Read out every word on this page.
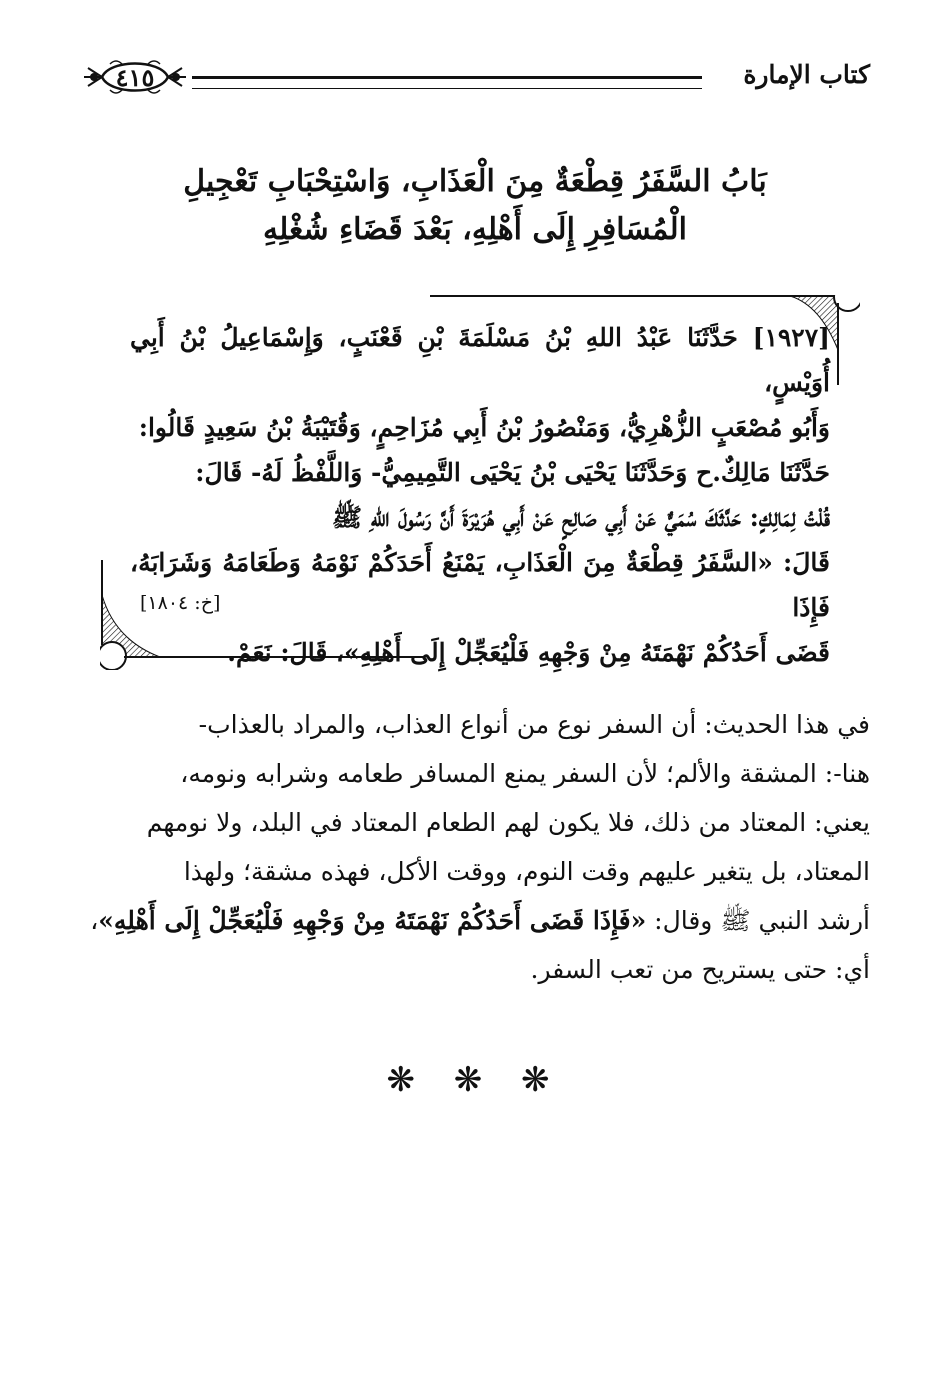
كتاب الإمارة
٤١٥
بَابُ السَّفَرُ قِطْعَةٌ مِنَ الْعَذَابِ، وَاسْتِحْبَابِ تَعْجِيلِ
الْمُسَافِرِ إِلَى أَهْلِهِ، بَعْدَ قَضَاءِ شُغْلِهِ

[١٩٢٧] حَدَّثَنَا عَبْدُ اللهِ بْنُ مَسْلَمَةَ بْنِ قَعْنَبٍ، وَإِسْمَاعِيلُ بْنُ أَبِي أُوَيْسٍ،

وَأَبُو مُصْعَبٍ الزُّهْرِيُّ، وَمَنْصُورُ بْنُ أَبِي مُزَاحِمٍ، وَقُتَيْبَةُ بْنُ سَعِيدٍ قَالُوا:

حَدَّثَنَا مَالِكٌ.ح وَحَدَّثَنَا يَحْيَى بْنُ يَحْيَى التَّمِيمِيُّ- وَاللَّفْظُ لَهُ- قَالَ:

قُلْتُ لِمَالِكٍ: حَدَّثَكَ سُمَيٌّ عَنْ أَبِي صَالِحٍ عَنْ أَبِي هُرَيْرَةَ أَنَّ رَسُولَ اللهِ ﷺ

قَالَ: «السَّفَرُ قِطْعَةٌ مِنَ الْعَذَابِ، يَمْنَعُ أَحَدَكُمْ نَوْمَهُ وَطَعَامَهُ وَشَرَابَهُ، فَإِذَا

قَضَى أَحَدُكُمْ نَهْمَتَهُ مِنْ وَجْهِهِ فَلْيُعَجِّلْ إِلَى أَهْلِهِ»، قَالَ: نَعَمْ.

[خ: ١٨٠٤]

في هذا الحديث: أن السفر نوع من أنواع العذاب، والمراد بالعذاب-

هنا-: المشقة والألم؛ لأن السفر يمنع المسافر طعامه وشرابه ونومه،

يعني: المعتاد من ذلك، فلا يكون لهم الطعام المعتاد في البلد، ولا نومهم

المعتاد، بل يتغير عليهم وقت النوم، ووقت الأكل، فهذه مشقة؛ ولهذا

أرشد النبي ﷺ وقال: «فَإِذَا قَضَى أَحَدُكُمْ نَهْمَتَهُ مِنْ وَجْهِهِ فَلْيُعَجِّلْ إِلَى أَهْلِهِ»،

أي: حتى يستريح من تعب السفر.

❋ ❋ ❋
